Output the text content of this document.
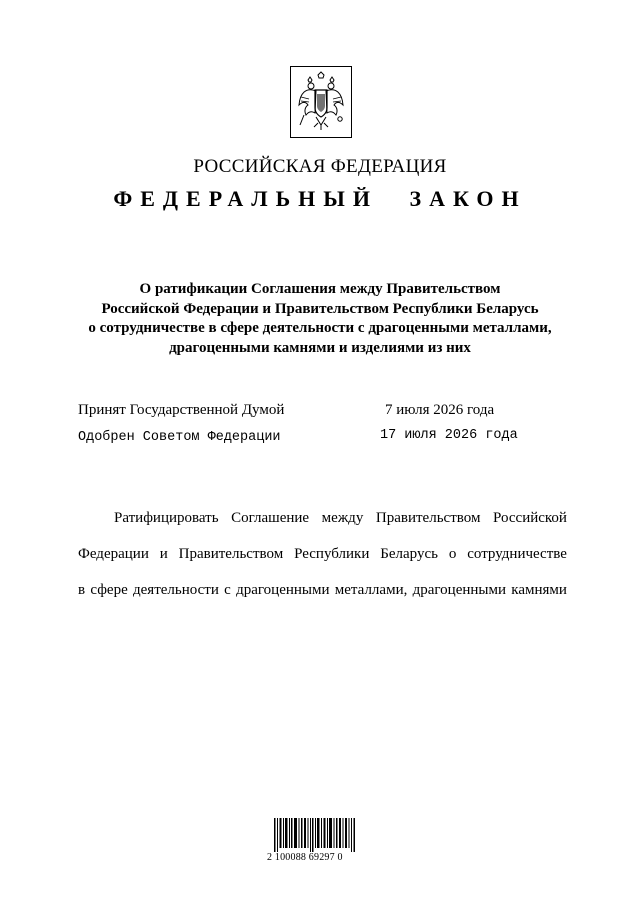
РОССИЙСКАЯ ФЕДЕРАЦИЯ
ФЕДЕРАЛЬНЫЙ ЗАКОН
О ратификации Соглашения между Правительством
Российской Федерации и Правительством Республики Беларусь
о сотрудничестве в сфере деятельности с драгоценными металлами,
драгоценными камнями и изделиями из них
Принят Государственной Думой	7 июля 2026 года
Одобрен Советом Федерации	17 июля 2026 года
Ратифицировать Соглашение между Правительством Российской
Федерации и Правительством Республики Беларусь о сотрудничестве
в сфере деятельности с драгоценными металлами, драгоценными камнями
2 100088 69297 0
